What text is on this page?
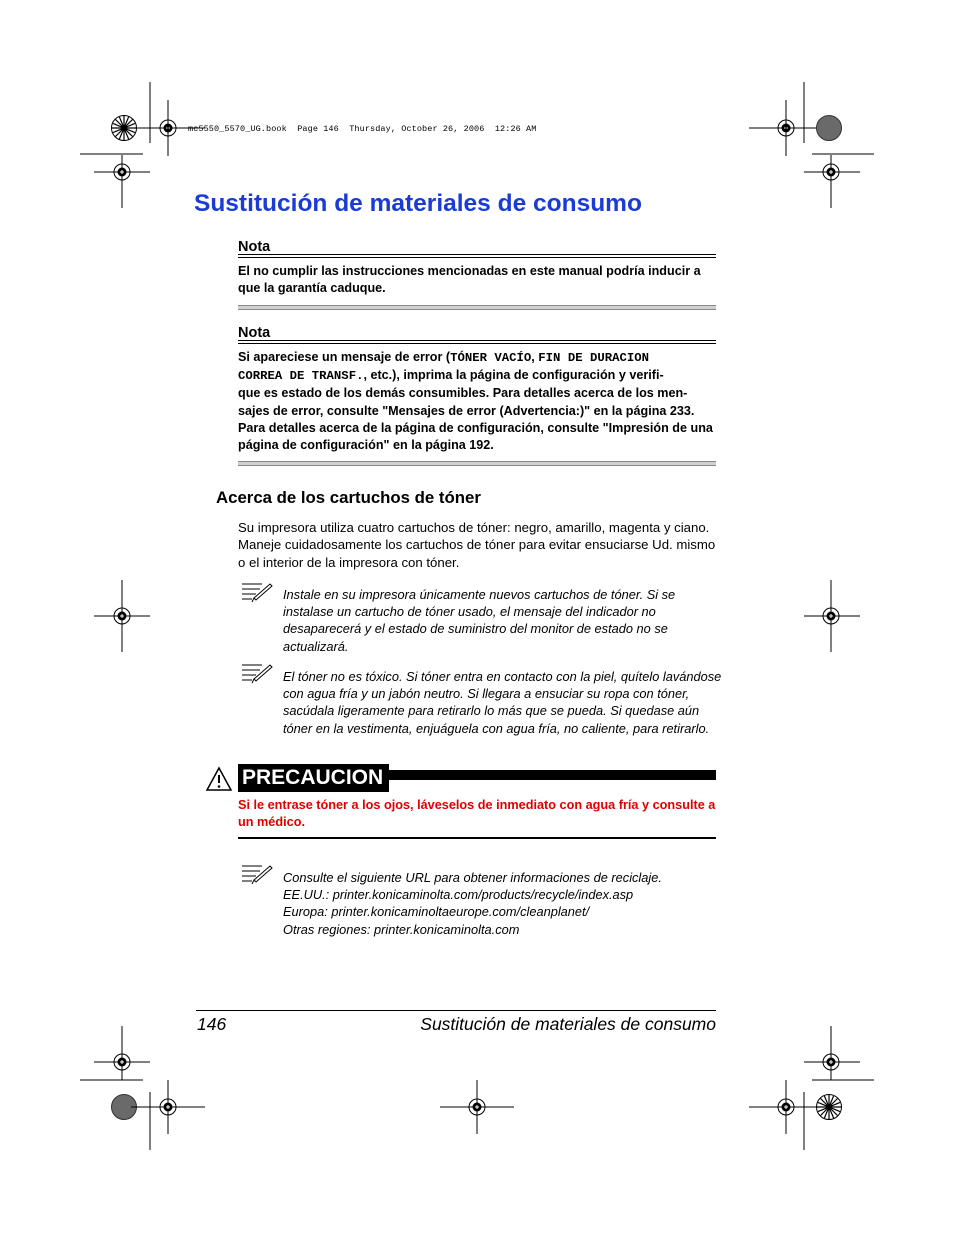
mc5550_5570_UG.book  Page 146  Thursday, October 26, 2006  12:26 AM
Sustitución de materiales de consumo
Nota
El no cumplir las instrucciones mencionadas en este manual podría inducir a que la garantía caduque.
Nota
Si apareciese un mensaje de error (TÓNER VACÍO, FIN DE DURACION
CORREA DE TRANSF., etc.), imprima la página de configuración y verifi-
que es estado de los demás consumibles. Para detalles acerca de los men-sajes de error, consulte "Mensajes de error (Advertencia:)" en la página 233. Para detalles acerca de la página de configuración, consulte "Impresión de una página de configuración" en la página 192.
Acerca de los cartuchos de tóner
Su impresora utiliza cuatro cartuchos de tóner: negro, amarillo, magenta y ciano. Maneje cuidadosamente los cartuchos de tóner para evitar ensuciarse Ud. mismo o el interior de la impresora con tóner.
Instale en su impresora únicamente nuevos cartuchos de tóner. Si se instalase un cartucho de tóner usado, el mensaje del indicador no desaparecerá y el estado de suministro del monitor de estado no se actualizará.
El tóner no es tóxico. Si tóner entra en contacto con la piel, quítelo lavándose con agua fría y un jabón neutro. Si llegara a ensuciar su ropa con tóner, sacúdala ligeramente para retirarlo lo más que se pueda. Si quedase aún tóner en la vestimenta, enjuáguela con agua fría, no caliente, para retirarlo.
PRECAUCION
Si le entrase tóner a los ojos, láveselos de inmediato con agua fría y consulte a un médico.
Consulte el siguiente URL para obtener informaciones de reciclaje.
EE.UU.: printer.konicaminolta.com/products/recycle/index.asp
Europa: printer.konicaminoltaeurope.com/cleanplanet/
Otras regiones: printer.konicaminolta.com
146	Sustitución de materiales de consumo
